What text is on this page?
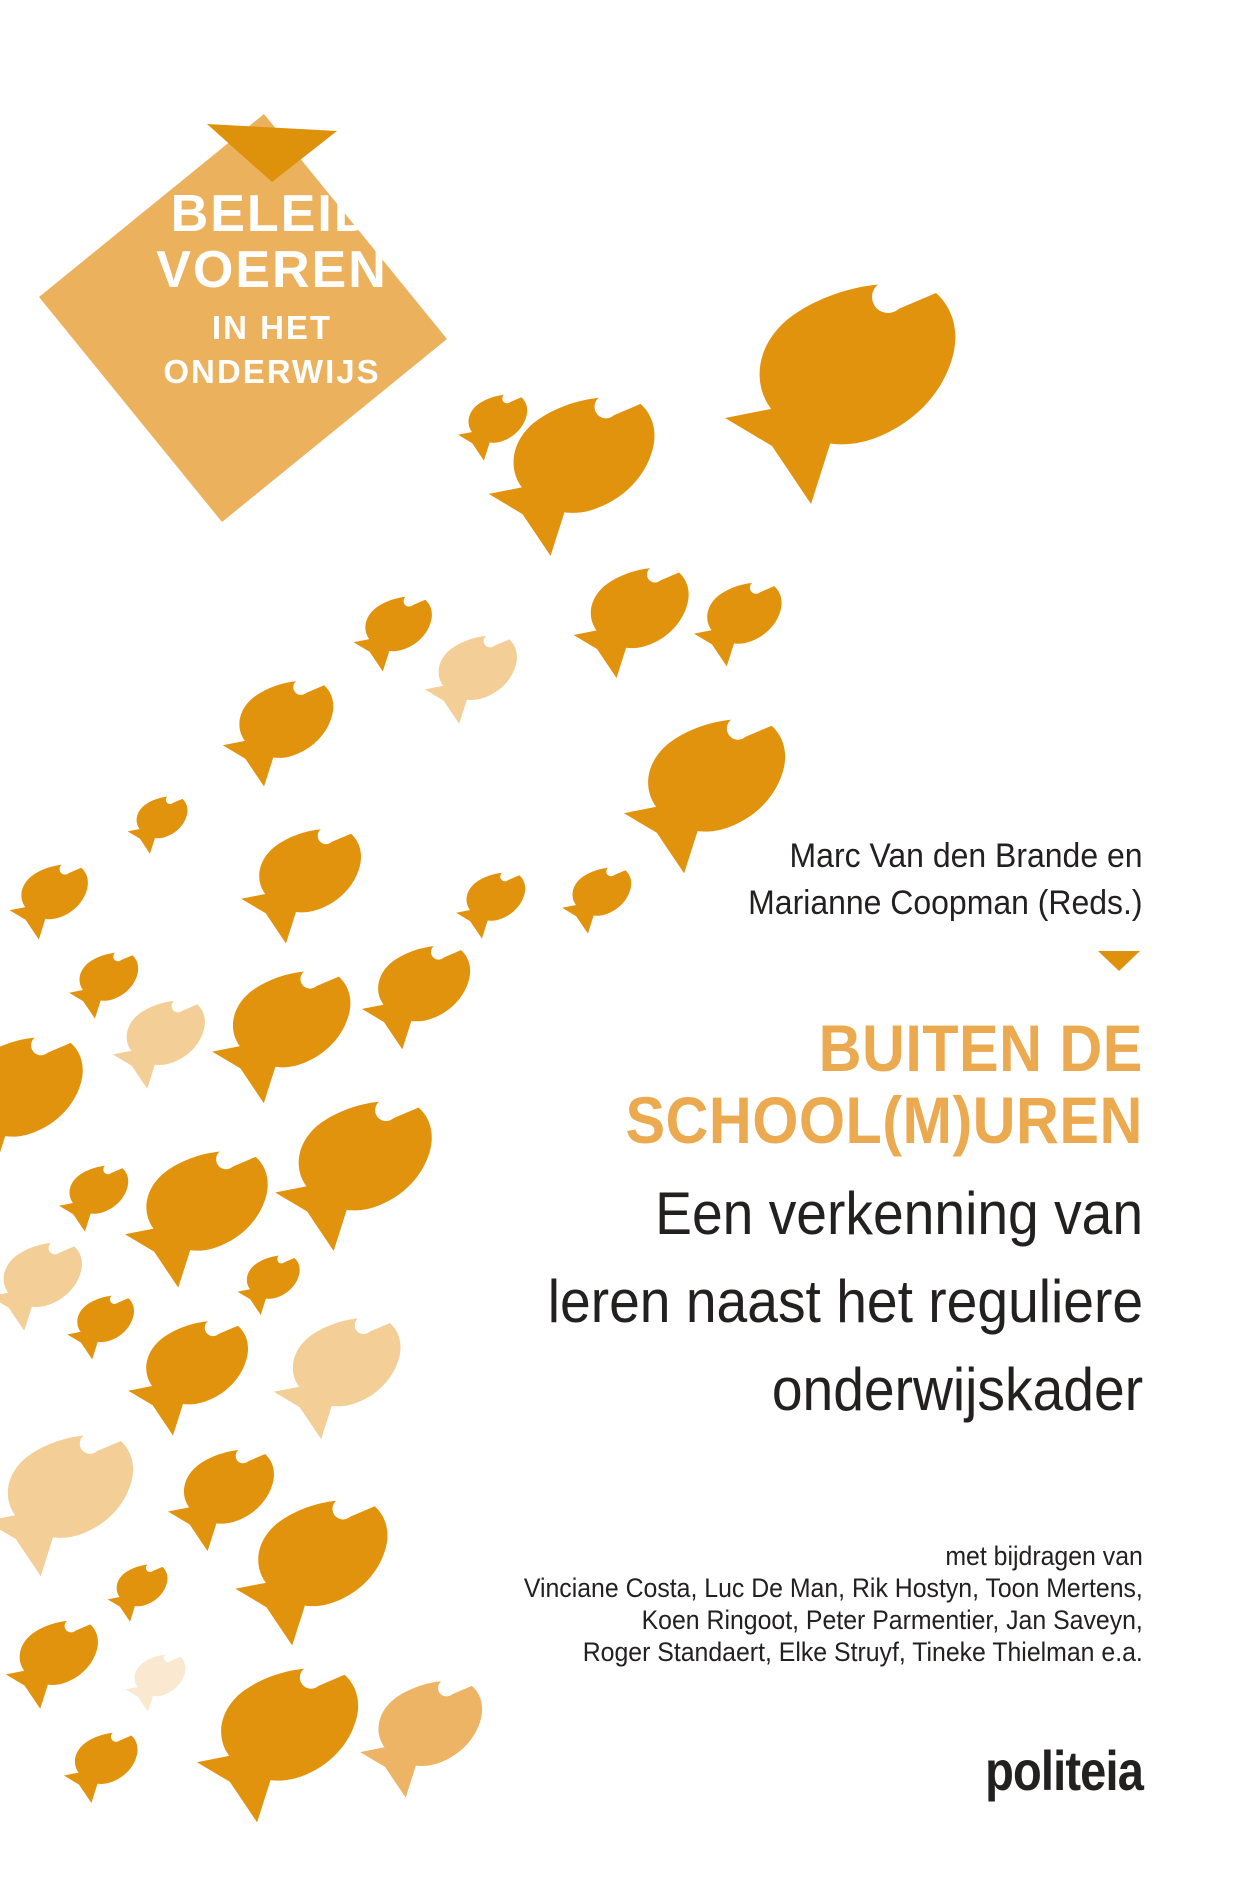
BELEID
VOEREN
IN HET
ONDERWIJS
Marc Van den Brande en
Marianne Coopman (Reds.)
BUITEN DE
SCHOOL(M)UREN
Een verkenning van
leren naast het reguliere
onderwijskader
met bijdragen van
Vinciane Costa, Luc De Man, Rik Hostyn, Toon Mertens,
Koen Ringoot, Peter Parmentier, Jan Saveyn,
Roger Standaert, Elke Struyf, Tineke Thielman e.a.
politeia
